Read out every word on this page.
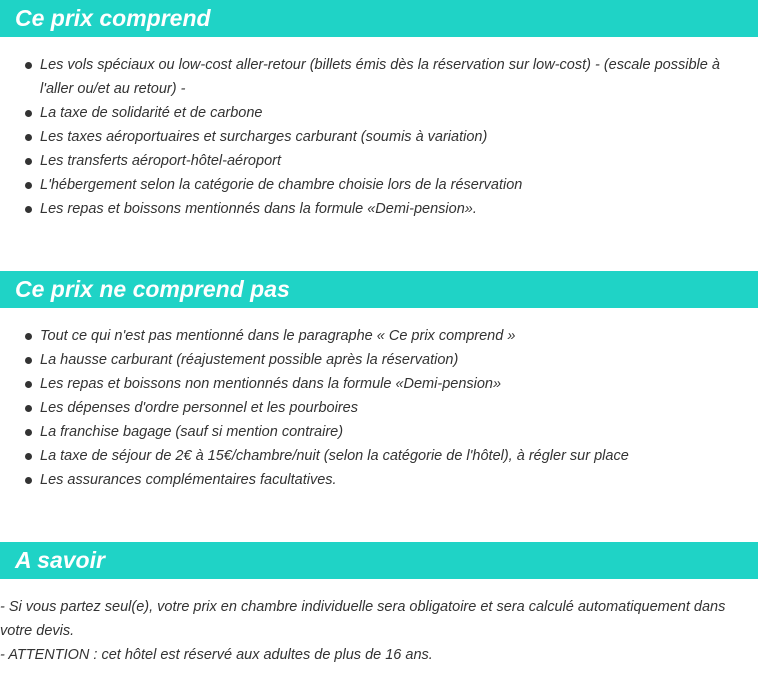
Ce prix comprend
Les vols spéciaux ou low-cost aller-retour (billets émis dès la réservation sur low-cost) - (escale possible à l'aller ou/et au retour) -
La taxe de solidarité et de carbone
Les taxes aéroportuaires et surcharges carburant (soumis à variation)
Les transferts aéroport-hôtel-aéroport
L'hébergement selon la catégorie de chambre choisie lors de la réservation
Les repas et boissons mentionnés dans la formule «Demi-pension».
Ce prix ne comprend pas
Tout ce qui n'est pas mentionné dans le paragraphe « Ce prix comprend »
La hausse carburant (réajustement possible après la réservation)
Les repas et boissons non mentionnés dans la formule «Demi-pension»
Les dépenses d'ordre personnel et les pourboires
La franchise bagage (sauf si mention contraire)
La taxe de séjour de 2€ à 15€/chambre/nuit (selon la catégorie de l'hôtel), à régler sur place
Les assurances complémentaires facultatives.
A savoir

- Si vous partez seul(e), votre prix en chambre individuelle sera obligatoire et sera calculé automatiquement dans votre devis.

- ATTENTION : cet hôtel est réservé aux adultes de plus de 16 ans.
